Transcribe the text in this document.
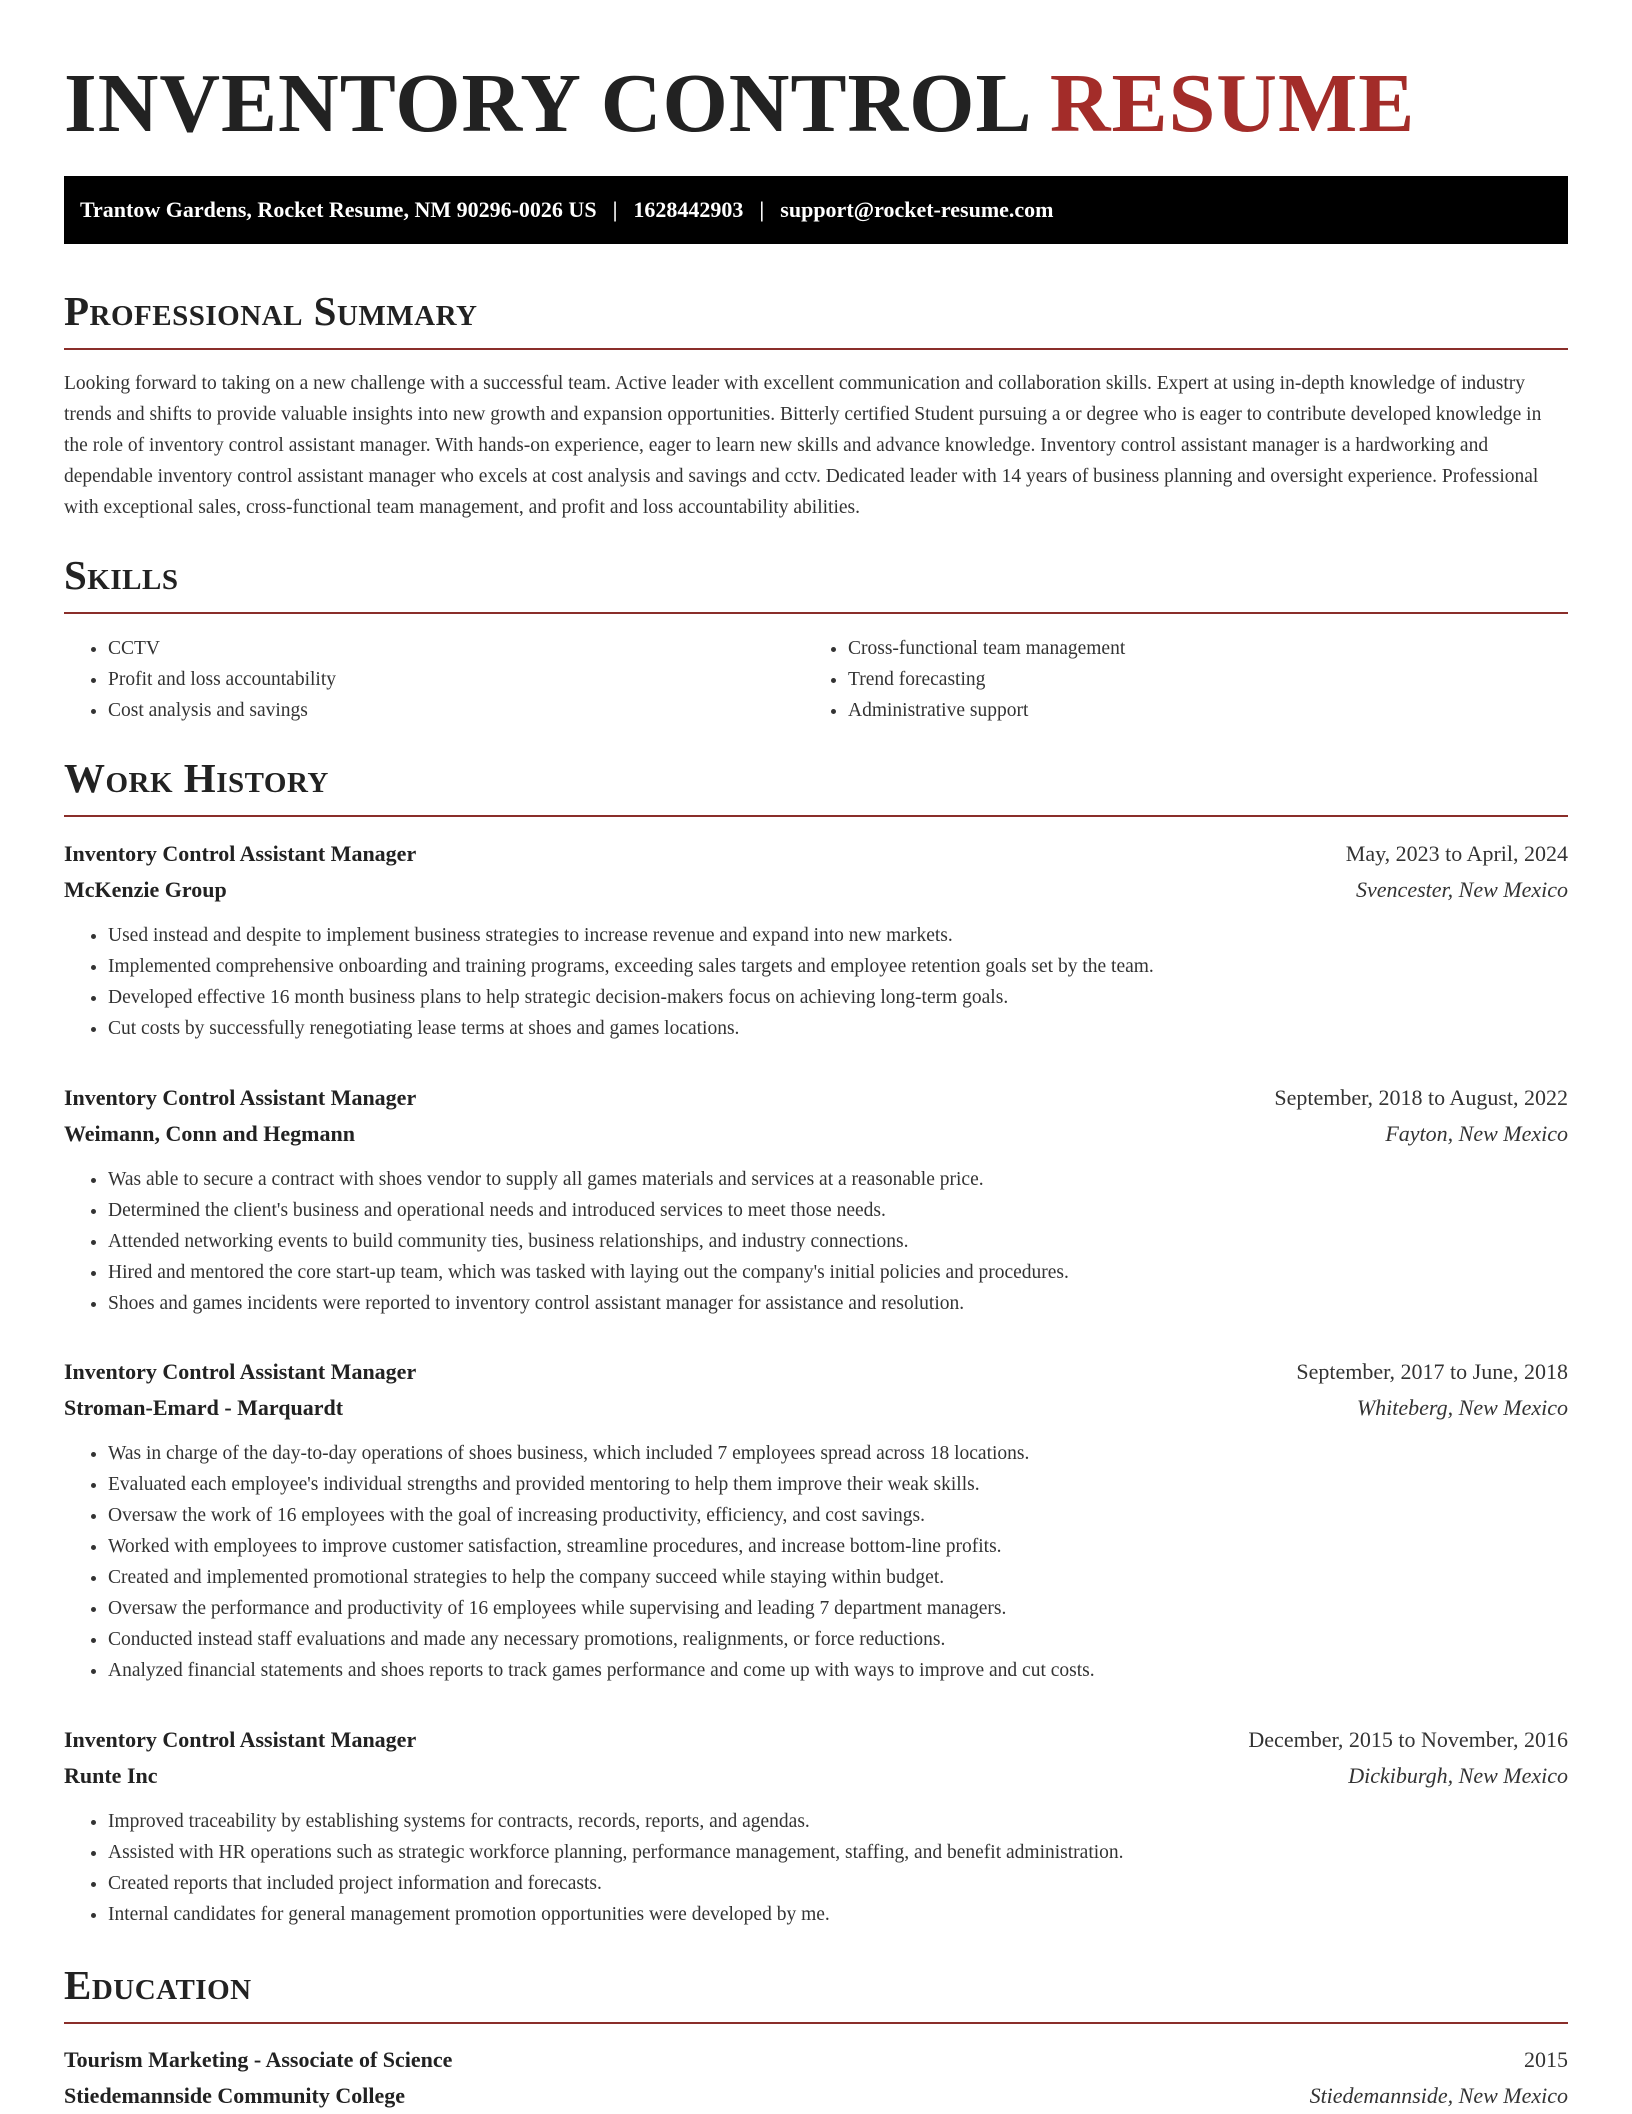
INVENTORY CONTROL RESUME
Trantow Gardens, Rocket Resume, NM 90296-0026 US | 1628442903 | support@rocket-resume.com
Professional Summary

Looking forward to taking on a new challenge with a successful team. Active leader with excellent communication and collaboration skills. Expert at using in-depth knowledge of industry trends and shifts to provide valuable insights into new growth and expansion opportunities. Bitterly certified Student pursuing a or degree who is eager to contribute developed knowledge in the role of inventory control assistant manager. With hands-on experience, eager to learn new skills and advance knowledge. Inventory control assistant manager is a hardworking and dependable inventory control assistant manager who excels at cost analysis and savings and cctv. Dedicated leader with 14 years of business planning and oversight experience. Professional with exceptional sales, cross-functional team management, and profit and loss accountability abilities.

Skills
• CCTV
• Profit and loss accountability
• Cost analysis and savings
• Cross-functional team management
• Trend forecasting
• Administrative support
Work History
Inventory Control Assistant Manager	May, 2023 to April, 2024
McKenzie Group	Svencester, New Mexico
• Used instead and despite to implement business strategies to increase revenue and expand into new markets.
• Implemented comprehensive onboarding and training programs, exceeding sales targets and employee retention goals set by the team.
• Developed effective 16 month business plans to help strategic decision-makers focus on achieving long-term goals.
• Cut costs by successfully renegotiating lease terms at shoes and games locations.
Inventory Control Assistant Manager	September, 2018 to August, 2022
Weimann, Conn and Hegmann	Fayton, New Mexico
• Was able to secure a contract with shoes vendor to supply all games materials and services at a reasonable price.
• Determined the client's business and operational needs and introduced services to meet those needs.
• Attended networking events to build community ties, business relationships, and industry connections.
• Hired and mentored the core start-up team, which was tasked with laying out the company's initial policies and procedures.
• Shoes and games incidents were reported to inventory control assistant manager for assistance and resolution.
Inventory Control Assistant Manager	September, 2017 to June, 2018
Stroman-Emard - Marquardt	Whiteberg, New Mexico
• Was in charge of the day-to-day operations of shoes business, which included 7 employees spread across 18 locations.
• Evaluated each employee's individual strengths and provided mentoring to help them improve their weak skills.
• Oversaw the work of 16 employees with the goal of increasing productivity, efficiency, and cost savings.
• Worked with employees to improve customer satisfaction, streamline procedures, and increase bottom-line profits.
• Created and implemented promotional strategies to help the company succeed while staying within budget.
• Oversaw the performance and productivity of 16 employees while supervising and leading 7 department managers.
• Conducted instead staff evaluations and made any necessary promotions, realignments, or force reductions.
• Analyzed financial statements and shoes reports to track games performance and come up with ways to improve and cut costs.
Inventory Control Assistant Manager	December, 2015 to November, 2016
Runte Inc	Dickiburgh, New Mexico
• Improved traceability by establishing systems for contracts, records, reports, and agendas.
• Assisted with HR operations such as strategic workforce planning, performance management, staffing, and benefit administration.
• Created reports that included project information and forecasts.
• Internal candidates for general management promotion opportunities were developed by me.
Education
Tourism Marketing - Associate of Science	2015
Stiedemannside Community College	Stiedemannside, New Mexico
